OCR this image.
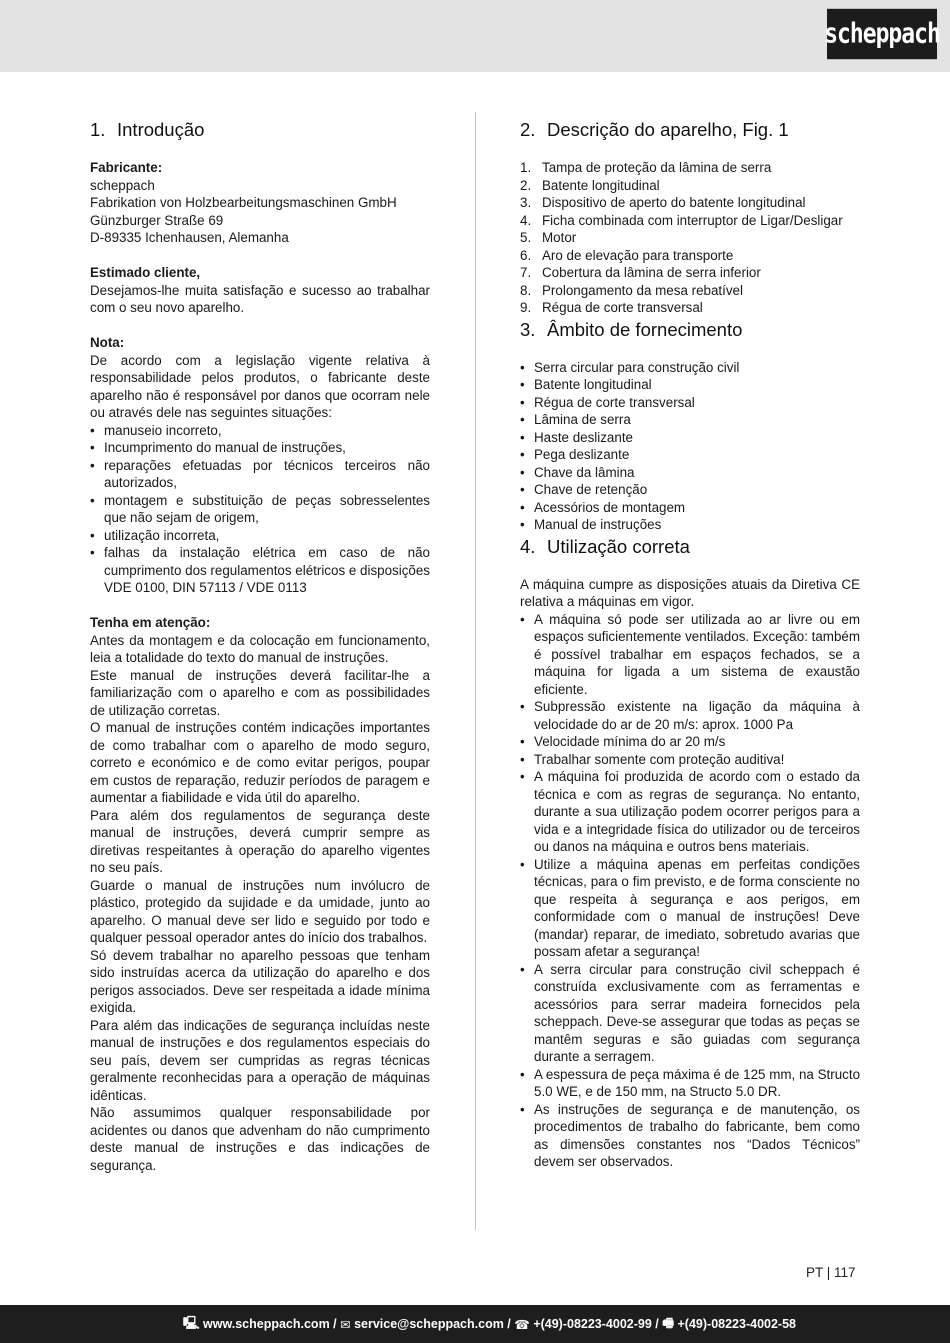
scheppach
1. Introdução
Fabricante:
scheppach
Fabrikation von Holzbearbeitungsmaschinen GmbH
Günzburger Straße 69
D-89335 Ichenhausen, Alemanha
Estimado cliente,

Desejamos-lhe muita satisfação e sucesso ao trabalhar com o seu novo aparelho.

Nota:

De acordo com a legislação vigente relativa à responsabilidade pelos produtos, o fabricante deste aparelho não é responsável por danos que ocorram nele ou através dele nas seguintes situações:

• manuseio incorreto,
• Incumprimento do manual de instruções,
• reparações efetuadas por técnicos terceiros não autorizados,
• montagem e substituição de peças sobresselentes que não sejam de origem,
• utilização incorreta,
• falhas da instalação elétrica em caso de não cumprimento dos regulamentos elétricos e disposições VDE 0100, DIN 57113 / VDE 0113
Tenha em atenção:

Antes da montagem e da colocação em funcionamento, leia a totalidade do texto do manual de instruções.

Este manual de instruções deverá facilitar-lhe a familiarização com o aparelho e com as possibilidades de utilização corretas.

O manual de instruções contém indicações importantes de como trabalhar com o aparelho de modo seguro, correto e económico e de como evitar perigos, poupar em custos de reparação, reduzir períodos de paragem e aumentar a fiabilidade e vida útil do aparelho.

Para além dos regulamentos de segurança deste manual de instruções, deverá cumprir sempre as diretivas respeitantes à operação do aparelho vigentes no seu país.

Guarde o manual de instruções num invólucro de plástico, protegido da sujidade e da umidade, junto ao aparelho. O manual deve ser lido e seguido por todo e qualquer pessoal operador antes do início dos trabalhos.

Só devem trabalhar no aparelho pessoas que tenham sido instruídas acerca da utilização do aparelho e dos perigos associados. Deve ser respeitada a idade mínima exigida.

Para além das indicações de segurança incluídas neste manual de instruções e dos regulamentos especiais do seu país, devem ser cumpridas as regras técnicas geralmente reconhecidas para a operação de máquinas idênticas.

Não assumimos qualquer responsabilidade por acidentes ou danos que advenham do não cumprimento deste manual de instruções e das indicações de segurança.

2. Descrição do aparelho, Fig. 1
1. Tampa de proteção da lâmina de serra
2. Batente longitudinal
3. Dispositivo de aperto do batente longitudinal
4. Ficha combinada com interruptor de Ligar/Desligar
5. Motor
6. Aro de elevação para transporte
7. Cobertura da lâmina de serra inferior
8. Prolongamento da mesa rebatível
9. Régua de corte transversal
3. Âmbito de fornecimento
• Serra circular para construção civil
• Batente longitudinal
• Régua de corte transversal
• Lâmina de serra
• Haste deslizante
• Pega deslizante
• Chave da lâmina
• Chave de retenção
• Acessórios de montagem
• Manual de instruções
4. Utilização correta

A máquina cumpre as disposições atuais da Diretiva CE relativa a máquinas em vigor.

• A máquina só pode ser utilizada ao ar livre ou em espaços suficientemente ventilados. Exceção: também é possível trabalhar em espaços fechados, se a máquina for ligada a um sistema de exaustão eficiente.
• Subpressão existente na ligação da máquina à velocidade do ar de 20 m/s: aprox. 1000 Pa
• Velocidade mínima do ar 20 m/s
• Trabalhar somente com proteção auditiva!
• A máquina foi produzida de acordo com o estado da técnica e com as regras de segurança. No entanto, durante a sua utilização podem ocorrer perigos para a vida e a integridade física do utilizador ou de terceiros ou danos na máquina e outros bens materiais.
• Utilize a máquina apenas em perfeitas condições técnicas, para o fim previsto, e de forma consciente no que respeita à segurança e aos perigos, em conformidade com o manual de instruções! Deve (mandar) reparar, de imediato, sobretudo avarias que possam afetar a segurança!
• A serra circular para construção civil scheppach é construída exclusivamente com as ferramentas e acessórios para serrar madeira fornecidos pela scheppach. Deve-se assegurar que todas as peças se mantêm seguras e são guiadas com segurança durante a serragem.
• A espessura de peça máxima é de 125 mm, na Structo 5.0 WE, e de 150 mm, na Structo 5.0 DR.
• As instruções de segurança e de manutenção, os procedimentos de trabalho do fabricante, bem como as dimensões constantes nos “Dados Técnicos” devem ser observados.
PT | 117
🖳 www.scheppach.com / ✉ service@scheppach.com / ☎ +(49)-08223-4002-99 / 🖷 +(49)-08223-4002-58
